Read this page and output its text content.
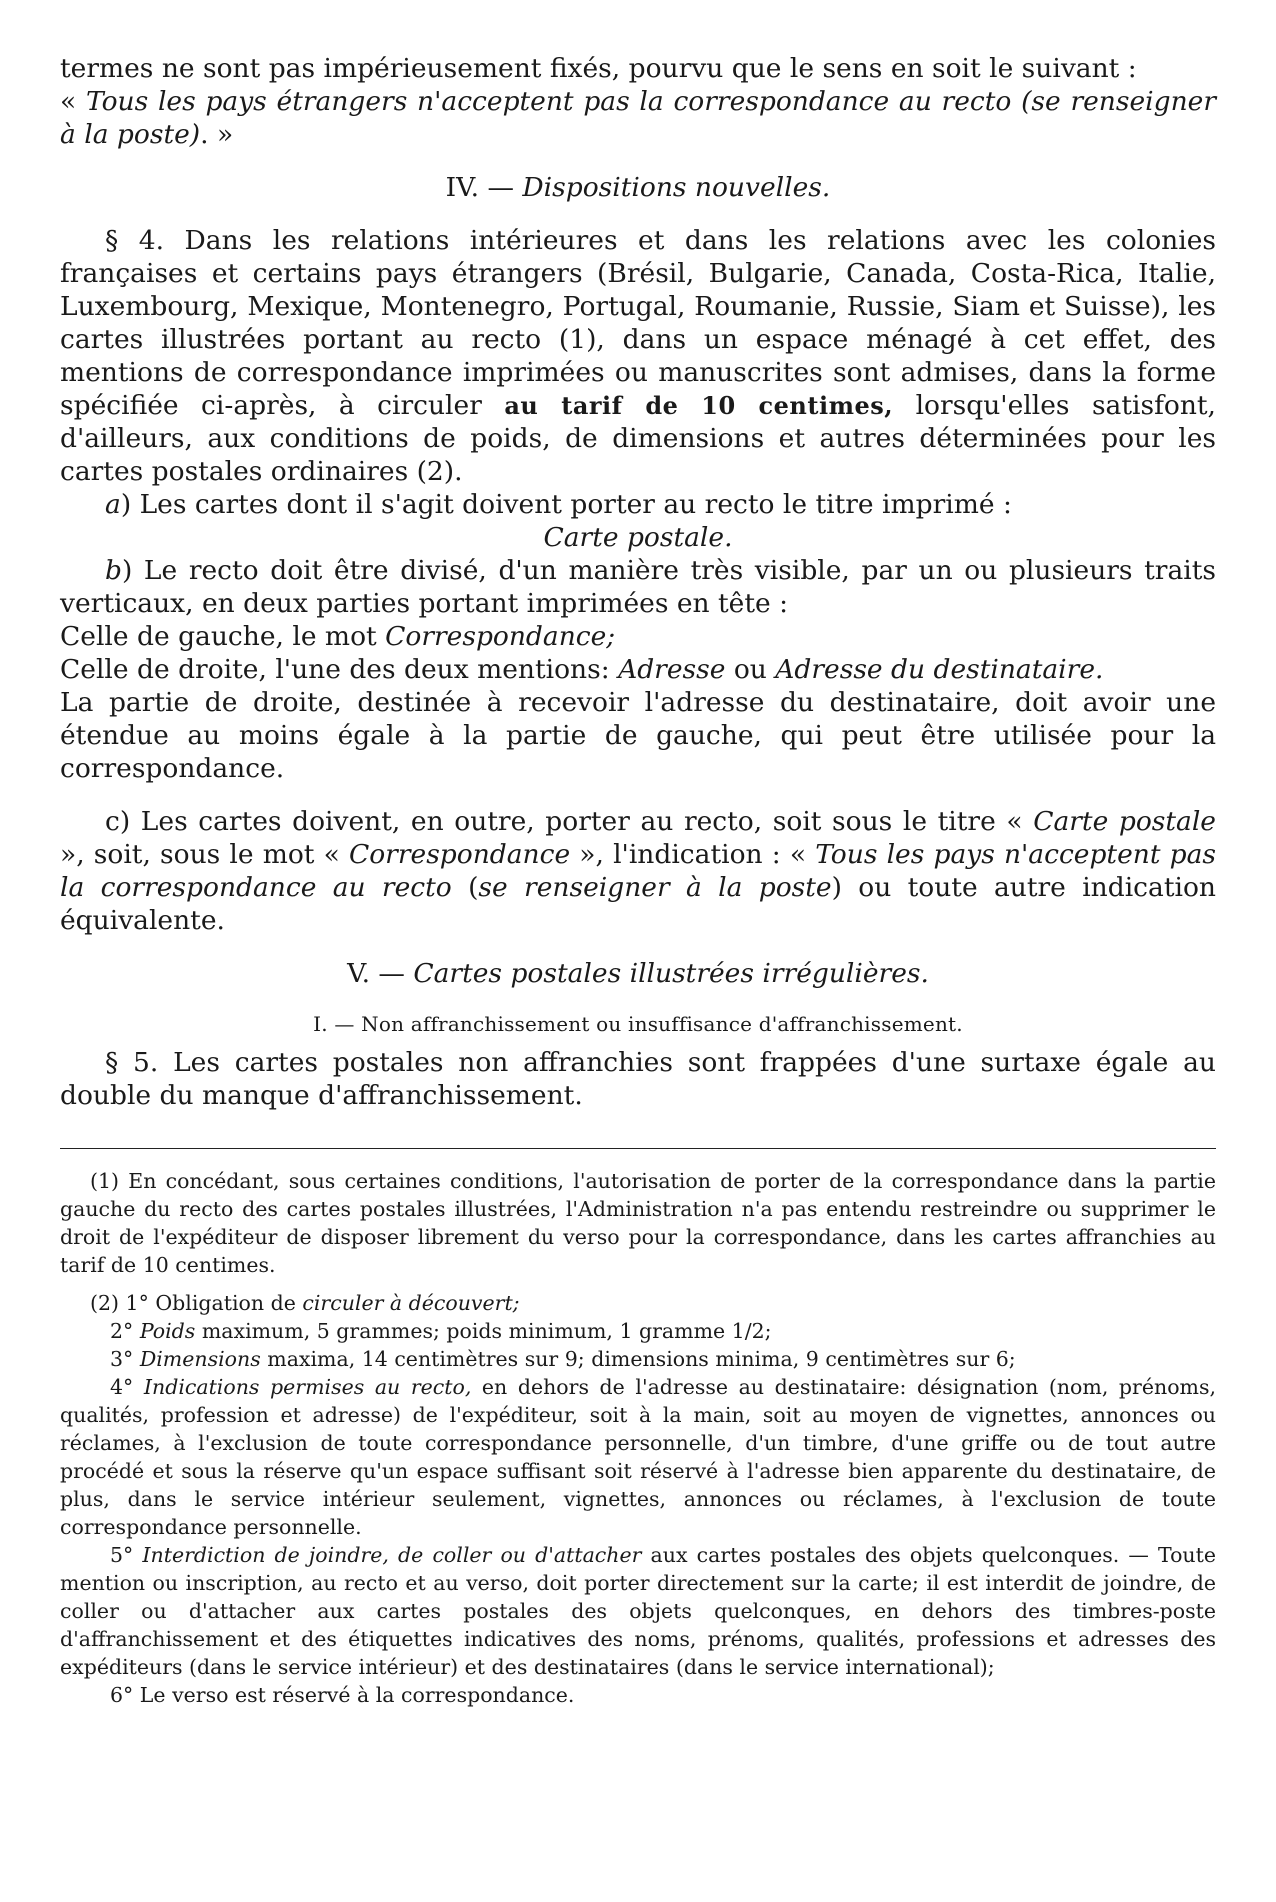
termes ne sont pas impérieusement fixés, pourvu que le sens en soit le suivant :
« Tous les pays étrangers n'acceptent pas la correspondance au recto (se renseigner à la poste). »

IV. — Dispositions nouvelles.

§ 4. Dans les relations intérieures et dans les relations avec les colonies françaises et certains pays étrangers (Brésil, Bulgarie, Canada, Costa-Rica, Italie, Luxembourg, Mexique, Montenegro, Portugal, Roumanie, Russie, Siam et Suisse), les cartes illustrées portant au recto (1), dans un espace ménagé à cet effet, des mentions de correspondance imprimées ou manuscrites sont admises, dans la forme spécifiée ci-après, à circuler au tarif de 10 centimes, lorsqu'elles satisfont, d'ailleurs, aux conditions de poids, de dimensions et autres déterminées pour les cartes postales ordinaires (2).

a) Les cartes dont il s'agit doivent porter au recto le titre imprimé :

Carte postale.

b) Le recto doit être divisé, d'un manière très visible, par un ou plusieurs traits verticaux, en deux parties portant imprimées en tête :

Celle de gauche, le mot Correspondance;

Celle de droite, l'une des deux mentions: Adresse ou Adresse du destinataire.

La partie de droite, destinée à recevoir l'adresse du destinataire, doit avoir une étendue au moins égale à la partie de gauche, qui peut être utilisée pour la correspondance.

c) Les cartes doivent, en outre, porter au recto, soit sous le titre « Carte postale », soit, sous le mot « Correspondance », l'indication : « Tous les pays n'acceptent pas la correspondance au recto (se renseigner à la poste) ou toute autre indication équivalente.

V. — Cartes postales illustrées irrégulières.

I. — Non affranchissement ou insuffisance d'affranchissement.

§ 5. Les cartes postales non affranchies sont frappées d'une surtaxe égale au double du manque d'affranchissement.

(1) En concédant, sous certaines conditions, l'autorisation de porter de la correspondance dans la partie gauche du recto des cartes postales illustrées, l'Administration n'a pas entendu restreindre ou supprimer le droit de l'expéditeur de disposer librement du verso pour la correspondance, dans les cartes affranchies au tarif de 10 centimes.

(2) 1° Obligation de circuler à découvert;

2° Poids maximum, 5 grammes; poids minimum, 1 gramme 1/2;

3° Dimensions maxima, 14 centimètres sur 9; dimensions minima, 9 centimètres sur 6;

4° Indications permises au recto, en dehors de l'adresse au destinataire: désignation (nom, prénoms, qualités, profession et adresse) de l'expéditeur, soit à la main, soit au moyen de vignettes, annonces ou réclames, à l'exclusion de toute correspondance personnelle, d'un timbre, d'une griffe ou de tout autre procédé et sous la réserve qu'un espace suffisant soit réservé à l'adresse bien apparente du destinataire, de plus, dans le service intérieur seulement, vignettes, annonces ou réclames, à l'exclusion de toute correspondance personnelle.

5° Interdiction de joindre, de coller ou d'attacher aux cartes postales des objets quelconques. — Toute mention ou inscription, au recto et au verso, doit porter directement sur la carte; il est interdit de joindre, de coller ou d'attacher aux cartes postales des objets quelconques, en dehors des timbres-poste d'affranchissement et des étiquettes indicatives des noms, prénoms, qualités, professions et adresses des expéditeurs (dans le service intérieur) et des destinataires (dans le service international);

6° Le verso est réservé à la correspondance.
